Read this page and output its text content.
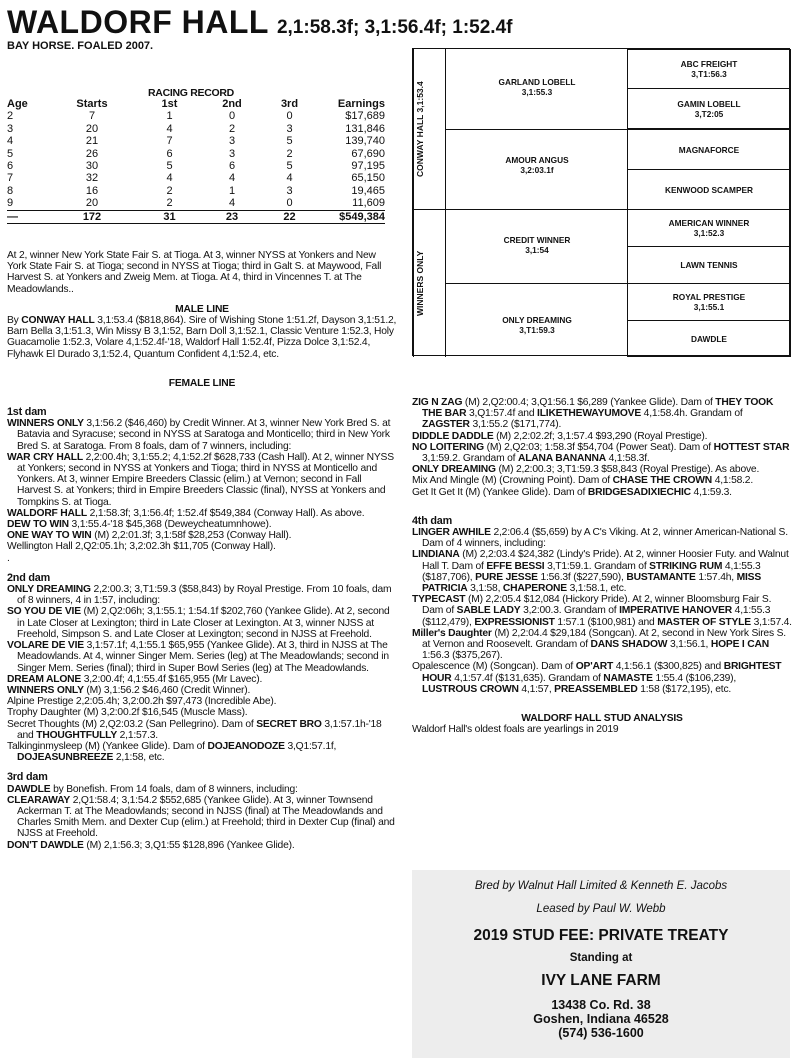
WALDORF HALL 2,1:58.3f; 3,1:56.4f; 1:52.4f
BAY HORSE. FOALED 2007.
RACING RECORD
Age	Starts	1st	2nd	3rd	Earnings
2	7	1	0	0	$17,689
3	20	4	2	3	131,846
4	21	7	3	5	139,740
5	26	6	3	2	67,690
6	30	5	6	5	97,195
7	32	4	4	4	65,150
8	16	2	1	3	19,465
9	20	2	4	0	11,609
—	172	31	23	22	$549,384

At 2, winner New York State Fair S. at Tioga. At 3, winner NYSS at Yonkers and New York State Fair S. at Tioga; second in NYSS at Tioga; third in Galt S. at Maywood, Fall Harvest S. at Yonkers and Zweig Mem. at Tioga. At 4, third in Vincennes T. at The Meadowlands..

MALE LINE

By CONWAY HALL 3,1:53.4 ($818,864). Sire of Wishing Stone 1:51.2f, Dayson 3,1:51.2, Barn Bella 3,1:51.3, Win Missy B 3,1:52, Barn Doll 3,1:52.1, Classic Venture 1:52.3, Holy Guacamolie 1:52.3, Volare 4,1:52.4f-'18, Waldorf Hall 1:52.4f, Pizza Dolce 3,1:52.4, Flyhawk El Durado 3,1:52.4, Quantum Confident 4,1:52.4, etc.

FEMALE LINE

1st dam

WINNERS ONLY 3,1:56.2 ($46,460) by Credit Winner. At 3, winner New York Bred S. at Batavia and Syracuse; second in NYSS at Saratoga and Monticello; third in New York Bred S. at Saratoga. From 8 foals, dam of 7 winners, including:

WAR CRY HALL 2,2:00.4h; 3,1:55.2; 4,1:52.2f $628,733 (Cash Hall). At 2, winner NYSS at Yonkers; second in NYSS at Yonkers and Tioga; third in NYSS at Monticello and Yonkers. At 3, winner Empire Breeders Classic (elim.) at Vernon; second in Fall Harvest S. at Yonkers; third in Empire Breeders Classic (final), NYSS at Yonkers and Tompkins S. at Tioga.

WALDORF HALL 2,1:58.3f; 3,1:56.4f; 1:52.4f $549,384 (Conway Hall). As above.

DEW TO WIN 3,1:55.4-'18 $45,368 (Deweycheatumnhowe).

ONE WAY TO WIN (M) 2,2:01.3f; 3,1:58f $28,253 (Conway Hall).

Wellington Hall 2,Q2:05.1h; 3,2:02.3h $11,705 (Conway Hall).

.

2nd dam

ONLY DREAMING 2,2:00.3; 3,T1:59.3 ($58,843) by Royal Prestige. From 10 foals, dam of 8 winners, 4 in 1:57, including:

SO YOU DE VIE (M) 2,Q2:06h; 3,1:55.1; 1:54.1f $202,760 (Yankee Glide). At 2, second in Late Closer at Lexington; third in Late Closer at Lexington. At 3, winner NJSS at Freehold, Simpson S. and Late Closer at Lexington; second in NJSS at Freehold.

VOLARE DE VIE 3,1:57.1f; 4,1:55.1 $65,955 (Yankee Glide). At 3, third in NJSS at The Meadowlands. At 4, winner Singer Mem. Series (leg) at The Meadowlands; second in Singer Mem. Series (final); third in Super Bowl Series (leg) at The Meadowlands.

DREAM ALONE 3,2:00.4f; 4,1:55.4f $165,955 (Mr Lavec).

WINNERS ONLY (M) 3,1:56.2 $46,460 (Credit Winner).

Alpine Prestige 2,2:05.4h; 3,2:00.2h $97,473 (Incredible Abe).

Trophy Daughter (M) 3,2:00.2f $16,545 (Muscle Mass).

Secret Thoughts (M) 2,Q2:03.2 (San Pellegrino). Dam of SECRET BRO 3,1:57.1h-'18 and THOUGHTFULLY 2,1:57.3.

Talkinginmysleep (M) (Yankee Glide). Dam of DOJEANODOZE 3,Q1:57.1f, DOJEASUNBREEZE 2,1:58, etc.

3rd dam

DAWDLE by Bonefish. From 14 foals, dam of 8 winners, including:

CLEARAWAY 2,Q1:58.4; 3,1:54.2 $552,685 (Yankee Glide). At 3, winner Townsend Ackerman T. at The Meadowlands; second in NJSS (final) at The Meadowlands and Charles Smith Mem. and Dexter Cup (elim.) at Freehold; third in Dexter Cup (final) and NJSS at Freehold.

DON'T DAWDLE (M) 2,1:56.3; 3,Q1:55 $128,896 (Yankee Glide).

CONWAY HALL 3,1:53.4
WINNERS ONLY
GARLAND LOBELL
3,1:55.3
AMOUR ANGUS
3,2:03.1f
CREDIT WINNER
3,1:54
ONLY DREAMING
3,T1:59.3
ABC FREIGHT
3,T1:56.3
GAMIN LOBELL
3,T2:05
MAGNAFORCE
KENWOOD SCAMPER
AMERICAN WINNER
3,1:52.3
LAWN TENNIS
ROYAL PRESTIGE
3,1:55.1
DAWDLE

ZIG N ZAG (M) 2,Q2:00.4; 3,Q1:56.1 $6,289 (Yankee Glide). Dam of THEY TOOK THE BAR 3,Q1:57.4f and ILIKETHEWAYUMOVE 4,1:58.4h. Grandam of ZAGSTER 3,1:55.2 ($171,774).

DIDDLE DADDLE (M) 2,2:02.2f; 3,1:57.4 $93,290 (Royal Prestige).

NO LOITERING (M) 2,Q2:03; 1:58.3f $54,704 (Power Seat). Dam of HOTTEST STAR 3,1:59.2. Grandam of ALANA BANANNA 4,1:58.3f.

ONLY DREAMING (M) 2,2:00.3; 3,T1:59.3 $58,843 (Royal Prestige). As above.

Mix And Mingle (M) (Crowning Point). Dam of CHASE THE CROWN 4,1:58.2.

Get It Get It (M) (Yankee Glide). Dam of BRIDGESADIXIECHIC 4,1:59.3.

4th dam

LINGER AWHILE 2,2:06.4 ($5,659) by A C's Viking. At 2, winner American-National S. Dam of 4 winners, including:

LINDIANA (M) 2,2:03.4 $24,382 (Lindy's Pride). At 2, winner Hoosier Futy. and Walnut Hall T. Dam of EFFE BESSI 3,T1:59.1. Grandam of STRIKING RUM 4,1:55.3 ($187,706), PURE JESSE 1:56.3f ($227,590), BUSTAMANTE 1:57.4h, MISS PATRICIA 3,1:58, CHAPERONE 3,1:58.1, etc.

TYPECAST (M) 2,2:05.4 $12,084 (Hickory Pride). At 2, winner Bloomsburg Fair S. Dam of SABLE LADY 3,2:00.3. Grandam of IMPERATIVE HANOVER 4,1:55.3 ($112,479), EXPRESSIONIST 1:57.1 ($100,981) and MASTER OF STYLE 3,1:57.4.

Miller's Daughter (M) 2,2:04.4 $29,184 (Songcan). At 2, second in New York Sires S. at Vernon and Roosevelt. Grandam of DANS SHADOW 3,1:56.1, HOPE I CAN 1:56.3 ($375,267).

Opalescence (M) (Songcan). Dam of OP'ART 4,1:56.1 ($300,825) and BRIGHTEST HOUR 4,1:57.4f ($131,635). Grandam of NAMASTE 1:55.4 ($106,239), LUSTROUS CROWN 4,1:57, PREASSEMBLED 1:58 ($172,195), etc.

WALDORF HALL STUD ANALYSIS

Waldorf Hall's oldest foals are yearlings in 2019

Bred by Walnut Hall Limited & Kenneth E. Jacobs
Leased by Paul W. Webb
2019 STUD FEE: PRIVATE TREATY
Standing at
IVY LANE FARM
13438 Co. Rd. 38
Goshen, Indiana 46528
(574) 536-1600
